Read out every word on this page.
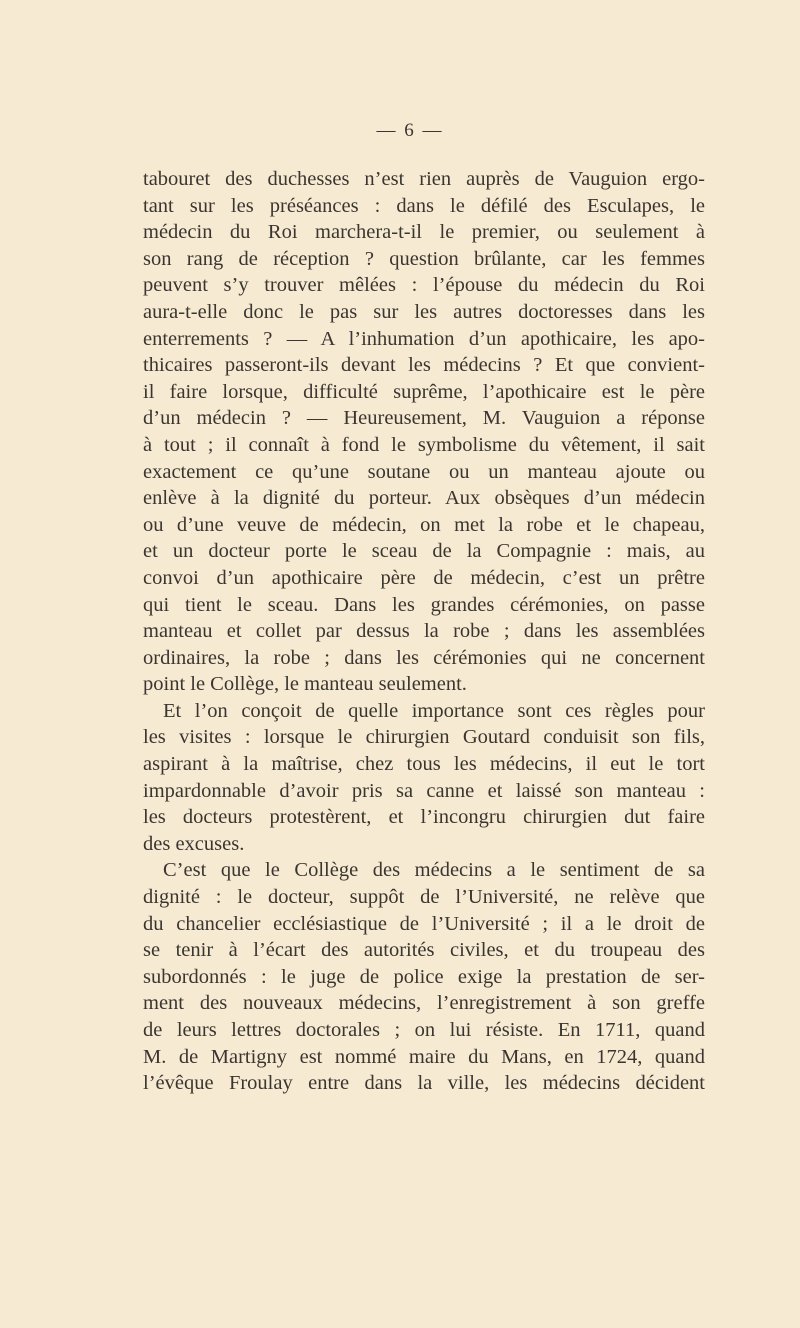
— 6 —
tabouret des duchesses n’est rien auprès de Vauguion ergo-
tant sur les préséances : dans le défilé des Esculapes, le
médecin du Roi marchera-t-il le premier, ou seulement à
son rang de réception ? question brûlante, car les femmes
peuvent s’y trouver mêlées : l’épouse du médecin du Roi
aura-t-elle donc le pas sur les autres doctoresses dans les
enterrements ? — A l’inhumation d’un apothicaire, les apo-
thicaires passeront-ils devant les médecins ? Et que convient-
il faire lorsque, difficulté suprême, l’apothicaire est le père
d’un médecin ? — Heureusement, M. Vauguion a réponse
à tout ; il connaît à fond le symbolisme du vêtement, il sait
exactement ce qu’une soutane ou un manteau ajoute ou
enlève à la dignité du porteur. Aux obsèques d’un médecin
ou d’une veuve de médecin, on met la robe et le chapeau,
et un docteur porte le sceau de la Compagnie : mais, au
convoi d’un apothicaire père de médecin, c’est un prêtre
qui tient le sceau. Dans les grandes cérémonies, on passe
manteau et collet par dessus la robe ; dans les assemblées
ordinaires, la robe ; dans les cérémonies qui ne concernent
point le Collège, le manteau seulement.
Et l’on conçoit de quelle importance sont ces règles pour
les visites : lorsque le chirurgien Goutard conduisit son fils,
aspirant à la maîtrise, chez tous les médecins, il eut le tort
impardonnable d’avoir pris sa canne et laissé son manteau :
les docteurs protestèrent, et l’incongru chirurgien dut faire
des excuses.
C’est que le Collège des médecins a le sentiment de sa
dignité : le docteur, suppôt de l’Université, ne relève que
du chancelier ecclésiastique de l’Université ; il a le droit de
se tenir à l’écart des autorités civiles, et du troupeau des
subordonnés : le juge de police exige la prestation de ser-
ment des nouveaux médecins, l’enregistrement à son greffe
de leurs lettres doctorales ; on lui résiste. En 1711, quand
M. de Martigny est nommé maire du Mans, en 1724, quand
l’évêque Froulay entre dans la ville, les médecins décident
